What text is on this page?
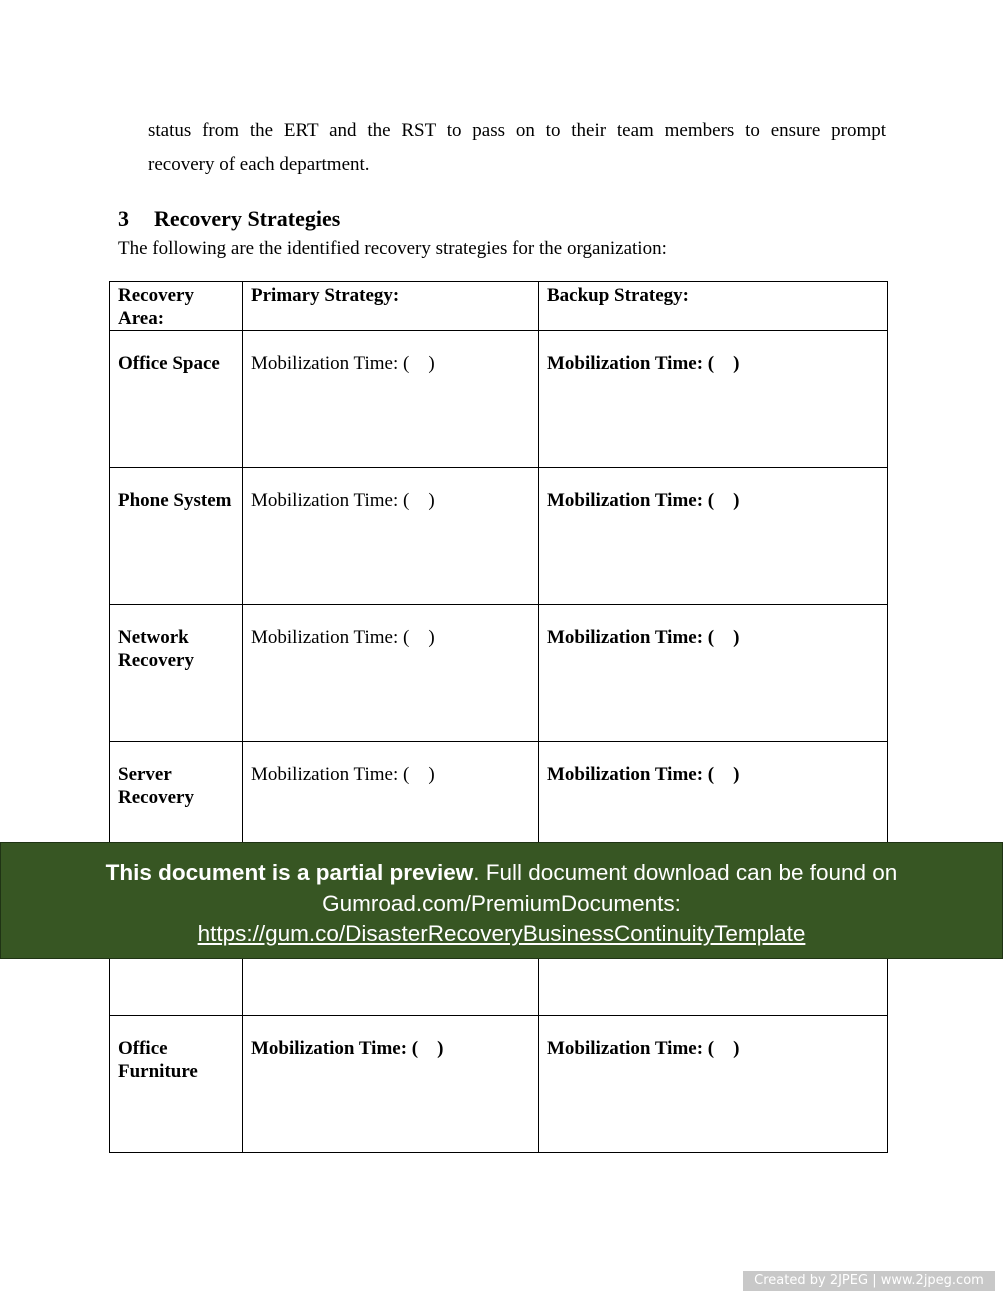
status from the ERT and the RST to pass on to their team members to ensure prompt
recovery of each department.
3 Recovery Strategies

The following are the identified recovery strategies for the organization:

Recovery Area:	Primary Strategy:	Backup Strategy:
Office Space	Mobilization Time: ( )	Mobilization Time: ( )
Phone System	Mobilization Time: ( )	Mobilization Time: ( )
Network Recovery	Mobilization Time: ( )	Mobilization Time: ( )
Server Recovery	Mobilization Time: ( )	Mobilization Time: ( )

Office Furniture	Mobilization Time: ( )	Mobilization Time: ( )
This document is a partial preview. Full document download can be found on
Gumroad.com/PremiumDocuments:
https://gum.co/DisasterRecoveryBusinessContinuityTemplate
Created by 2JPEG | www.2jpeg.com
